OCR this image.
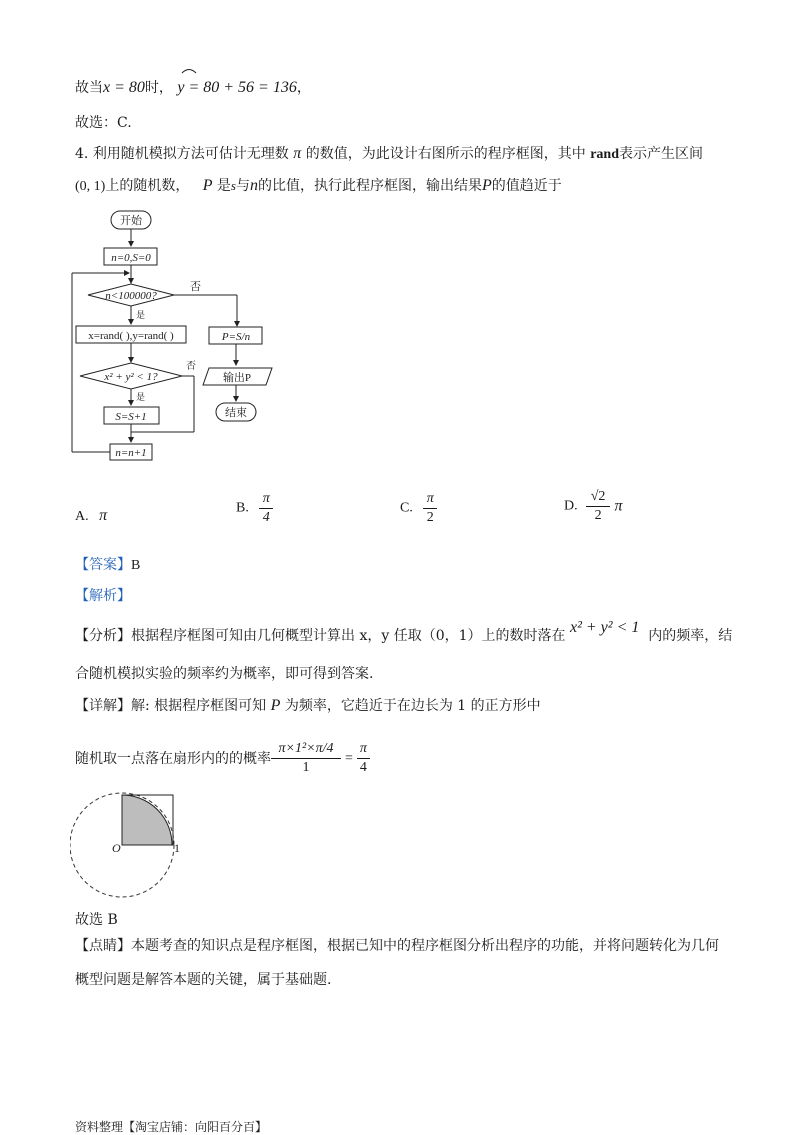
故当x = 80时， y = 80 + 56 = 136，
故选：C.
4. 利用随机模拟方法可估计无理数 π 的数值，为此设计右图所示的程序框图，其中 rand表示产生区间
(0, 1)上的随机数， P 是s与n的比值，执行此程序框图，输出结果P的值趋近于
开始
n=0,S=0
n<100000?
否
是
x=rand( ),y=rand( )	P=S/n
x² + y² < 1?
否
是
输出P
S=S+1	结束
n=n+1
A. π	B. $\frac{\pi}{4}$	C. $\frac{\pi}{2}$	D. $\frac{√2}{2}$ π
【答案】B
【解析】
【分析】根据程序框图可知由几何概型计算出 x，y 任取（0，1）上的数时落在 x² + y² < 1 内的频率，结
合随机模拟实验的频率约为概率，即可得到答案.
【详解】解: 根据程序框图可知 P 为频率，它趋近于在边长为 1 的正方形中
随机取一点落在扇形内的的概率 $\frac{\text{π×1²×π/4}}{1} = \frac{\pi}{4}$
O	1
故选 B
【点睛】本题考查的知识点是程序框图，根据已知中的程序框图分析出程序的功能，并将问题转化为几何
概型问题是解答本题的关键，属于基础题.
资料整理【淘宝店铺：向阳百分百】
